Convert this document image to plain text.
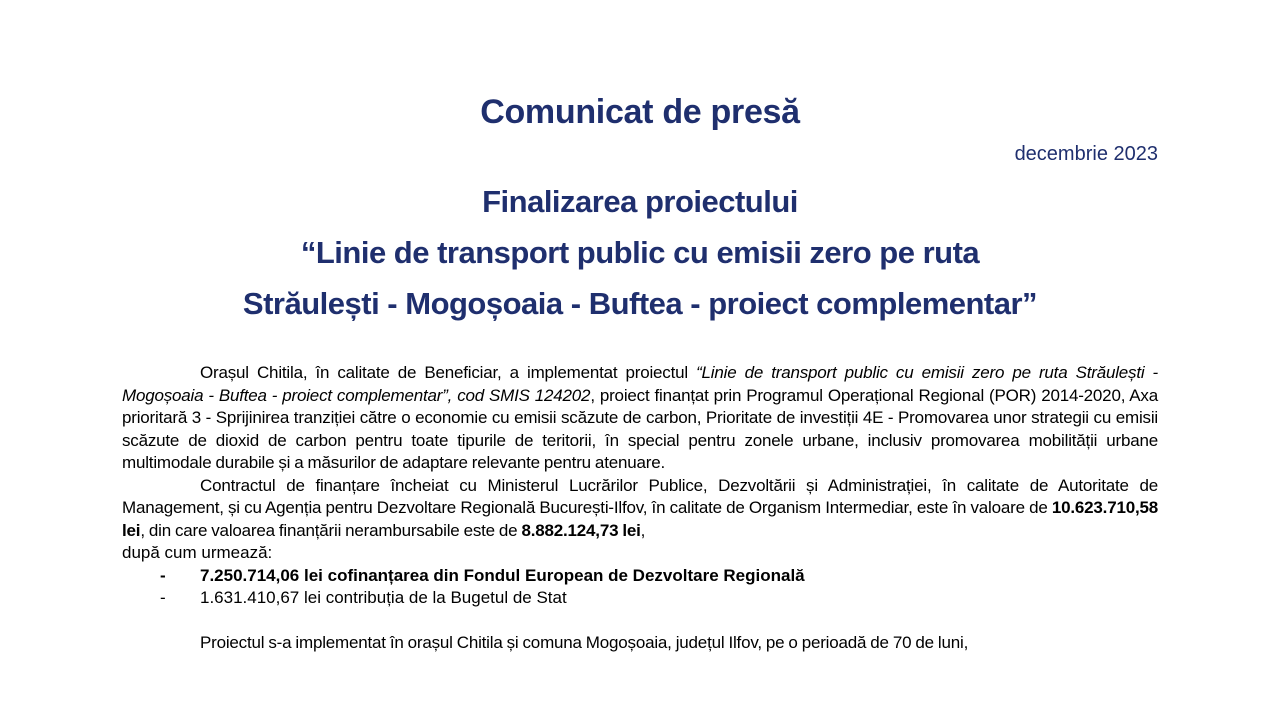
Comunicat de presă
decembrie 2023
Finalizarea proiectului
“Linie de transport public cu emisii zero pe ruta
Străulești - Mogoșoaia - Buftea - proiect complementar”

Orașul Chitila, în calitate de Beneficiar, a implementat proiectul “Linie de transport public cu emisii zero pe ruta Străulești - Mogoșoaia - Buftea - proiect complementar”, cod SMIS 124202, proiect finanțat prin Programul Operațional Regional (POR) 2014-2020, Axa prioritară 3 - Sprijinirea tranziției către o economie cu emisii scăzute de carbon, Prioritate de investiții 4E - Promovarea unor strategii cu emisii scăzute de dioxid de carbon pentru toate tipurile de teritorii, în special pentru zonele urbane, inclusiv promovarea mobilității urbane multimodale durabile și a măsurilor de adaptare relevante pentru atenuare.

Contractul de finanțare încheiat cu Ministerul Lucrărilor Publice, Dezvoltării și Administrației, în calitate de Autoritate de Management, și cu Agenția pentru Dezvoltare Regională București-Ilfov, în calitate de Organism Intermediar, este în valoare de 10.623.710,58 lei, din care valoarea finanțării nerambursabile este de 8.882.124,73 lei,

după cum urmează:
- 7.250.714,06 lei cofinanțarea din Fondul European de Dezvoltare Regională
- 1.631.410,67 lei contribuția de la Bugetul de Stat

Proiectul s-a implementat în orașul Chitila și comuna Mogoșoaia, județul Ilfov, pe o perioadă de 70 de luni,
